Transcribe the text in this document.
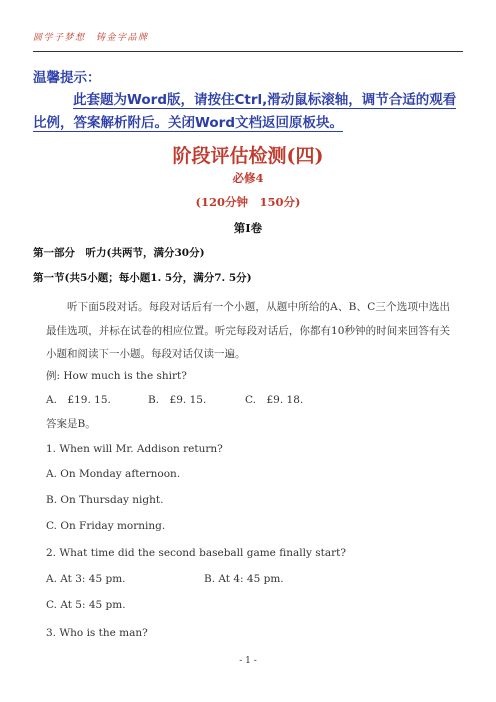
圆学子梦想　铸金字品牌
温馨提示：
此套题为Word版，请按住Ctrl,滑动鼠标滚轴，调节合适的观看比例，答案解析附后。关闭Word文档返回原板块。
阶段评估检测(四)
必修4
(120分钟　150分)
第Ⅰ卷
第一部分　听力(共两节，满分30分)
第一节(共5小题；每小题1. 5分，满分7. 5分)
听下面5段对话。每段对话后有一个小题，从题中所给的A、B、C三个选项中选出最佳选项，并标在试卷的相应位置。听完每段对话后，你都有10秒钟的时间来回答有关小题和阅读下一小题。每段对话仅读一遍。
例: How much is the shirt?
A.　£19. 15.	B.　£9. 15.	C.　£9. 18.
答案是B。
1. When will Mr. Addison return?
A. On Monday afternoon.
B. On Thursday night.
C. On Friday morning.
2. What time did the second baseball game finally start?
A. At 3: 45 pm.	B. At 4: 45 pm.
C. At 5: 45 pm.
3. Who is the man?
- 1 -
